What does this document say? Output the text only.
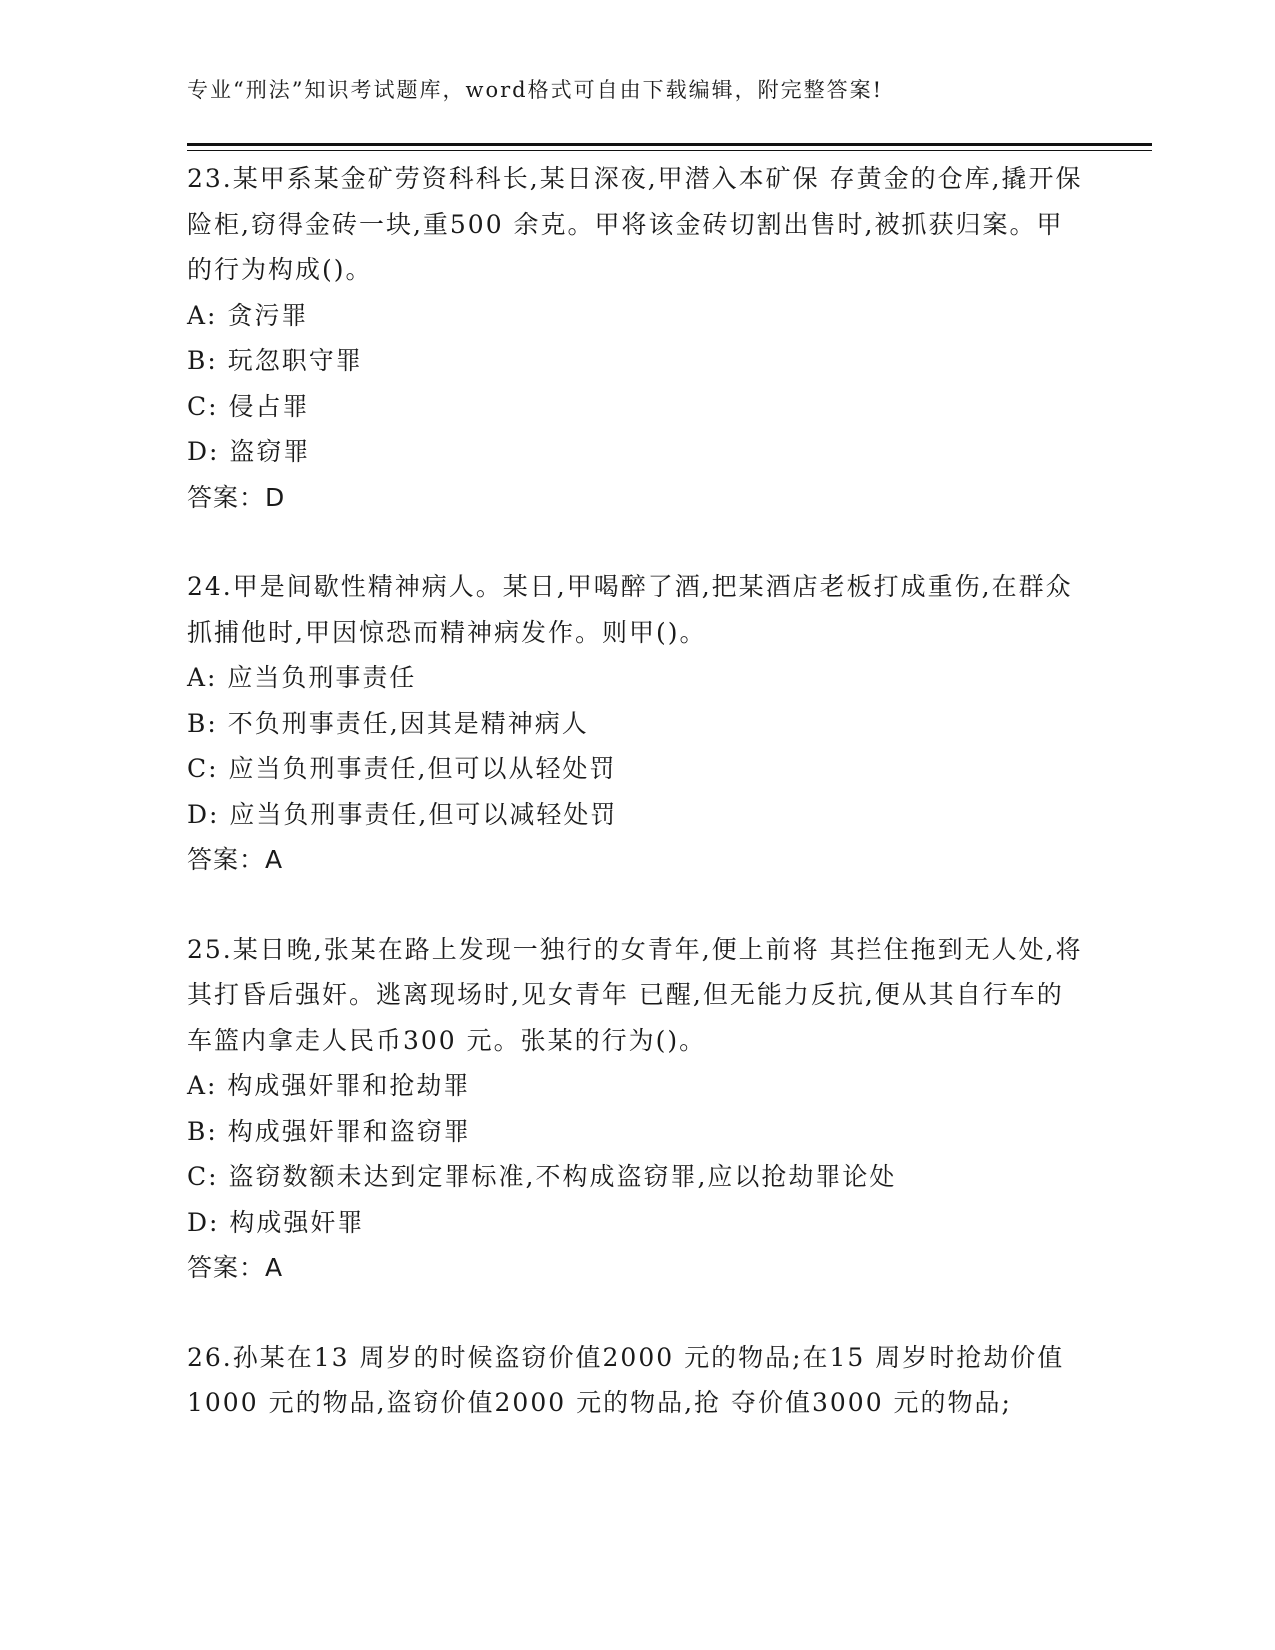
专业“刑法”知识考试题库，word格式可自由下载编辑，附完整答案!

23.某甲系某金矿劳资科科长,某日深夜,甲潜入本矿保 存黄金的仓库,撬开保险柜,窃得金砖一块,重500 余克。甲将该金砖切割出售时,被抓获归案。甲的行为构成()。

A: 贪污罪

B: 玩忽职守罪

C: 侵占罪

D: 盗窃罪

答案：D

24.甲是间歇性精神病人。某日,甲喝醉了酒,把某酒店老板打成重伤,在群众抓捕他时,甲因惊恐而精神病发作。则甲()。

A: 应当负刑事责任

B: 不负刑事责任,因其是精神病人

C: 应当负刑事责任,但可以从轻处罚

D: 应当负刑事责任,但可以减轻处罚

答案：A

25.某日晚,张某在路上发现一独行的女青年,便上前将 其拦住拖到无人处,将其打昏后强奸。逃离现场时,见女青年 已醒,但无能力反抗,便从其自行车的车篮内拿走人民币300 元。张某的行为()。

A: 构成强奸罪和抢劫罪

B: 构成强奸罪和盗窃罪

C: 盗窃数额未达到定罪标准,不构成盗窃罪,应以抢劫罪论处

D: 构成强奸罪

答案：A

26.孙某在13 周岁的时候盗窃价值2000 元的物品;在15 周岁时抢劫价值1000 元的物品,盗窃价值2000 元的物品,抢 夺价值3000 元的物品;
